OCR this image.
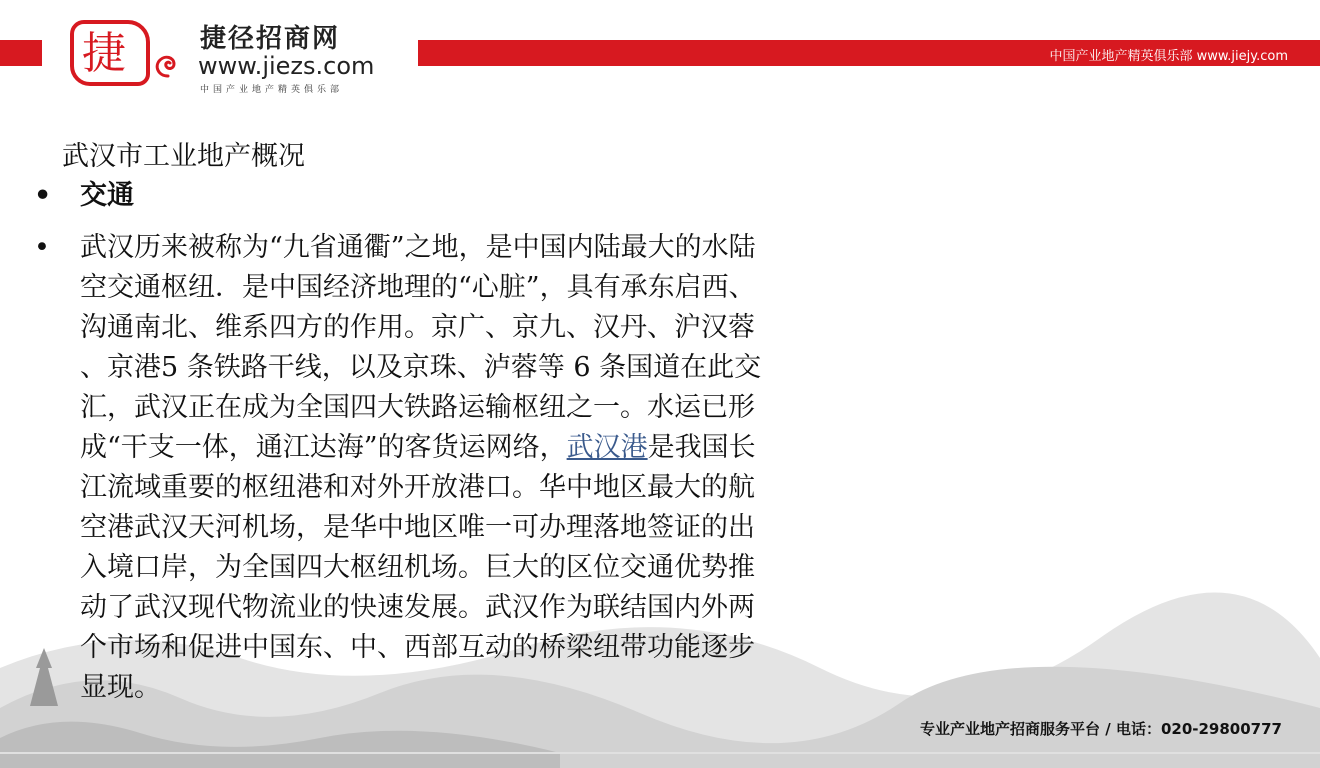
中国产业地产精英俱乐部 www.jiejy.com
捷	捷径招商网
www.jiezs.com
中国产业地产精英俱乐部
武汉市工业地产概况
• 交通
• 武汉历来被称为“九省通衢”之地，是中国内陆最大的水陆
空交通枢纽．是中国经济地理的“心脏”，具有承东启西、
沟通南北、维系四方的作用。京广、京九、汉丹、沪汉蓉
、京港5 条铁路干线，以及京珠、泸蓉等 6 条国道在此交
汇，武汉正在成为全国四大铁路运输枢纽之一。水运已形
成“干支一体，通江达海”的客货运网络，武汉港是我国长
江流域重要的枢纽港和对外开放港口。华中地区最大的航
空港武汉天河机场，是华中地区唯一可办理落地签证的出
入境口岸，为全国四大枢纽机场。巨大的区位交通优势推
动了武汉现代物流业的快速发展。武汉作为联结国内外两
个市场和促进中国东、中、西部互动的桥梁纽带功能逐步
显现。
专业产业地产招商服务平台 / 电话：020-29800777
